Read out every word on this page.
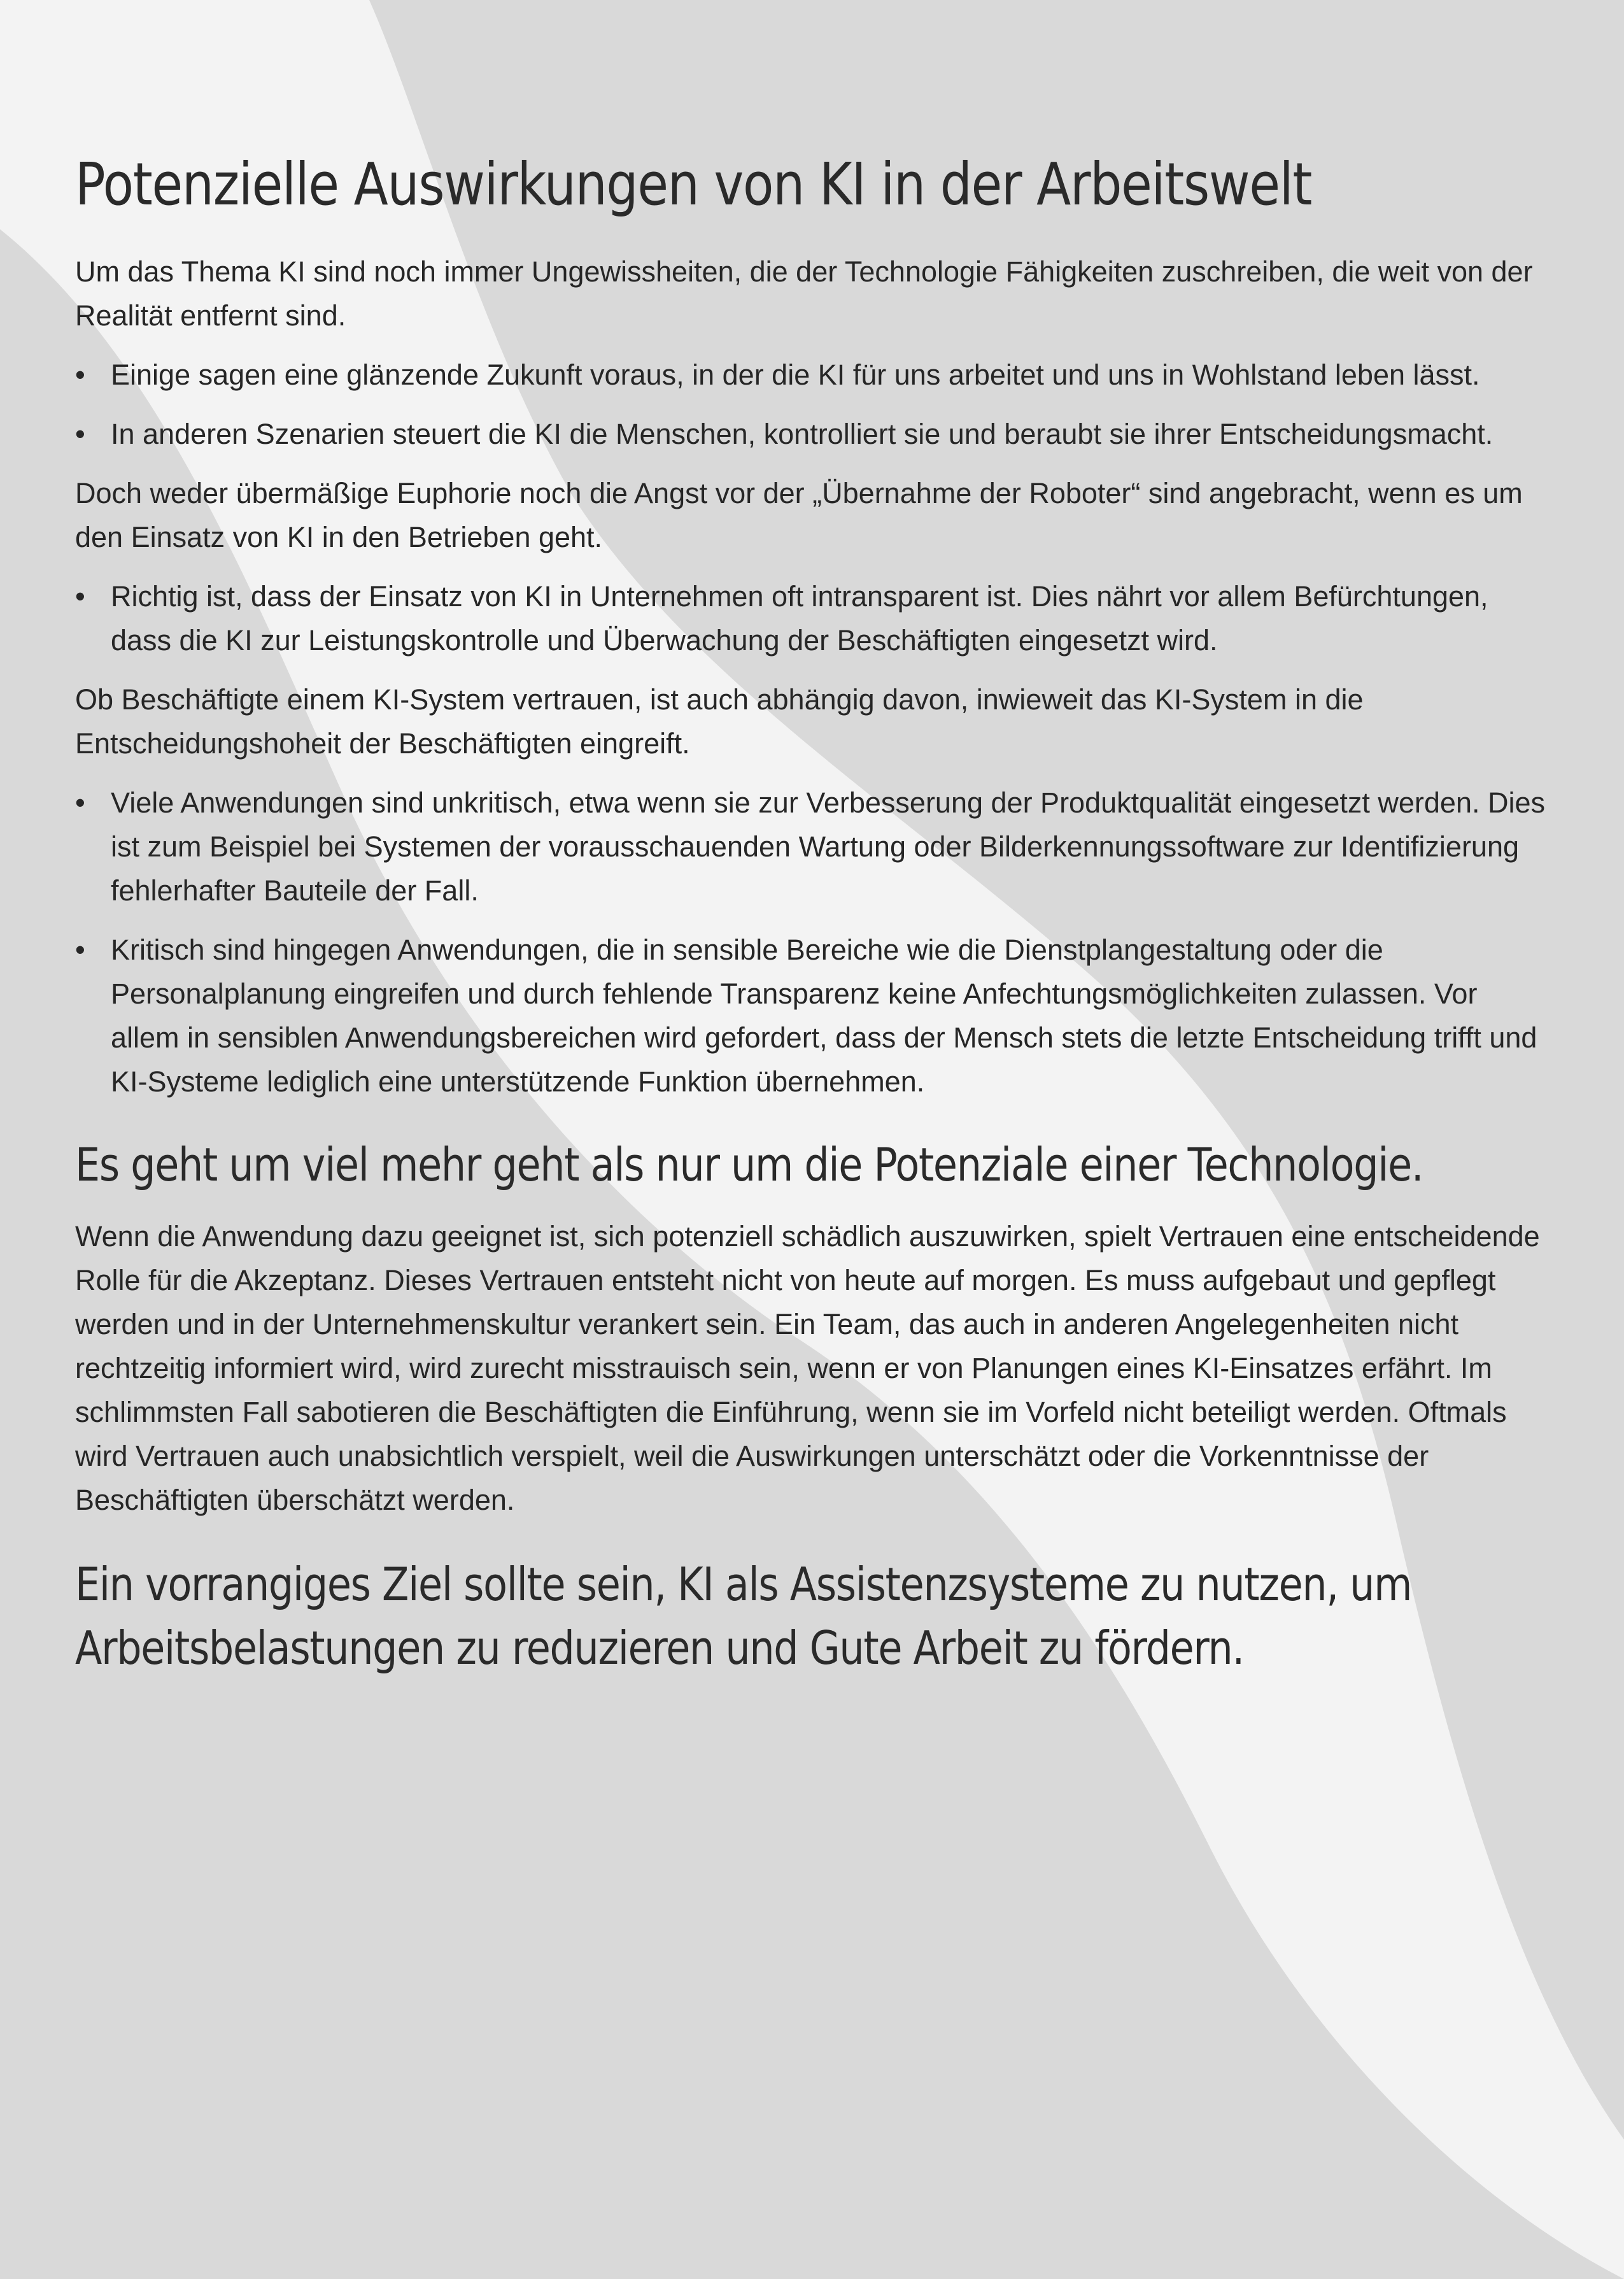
Potenzielle Auswirkungen von KI in der Arbeitswelt

Um das Thema KI sind noch immer Ungewissheiten, die der Technologie Fähigkeiten zuschreiben, die weit von der Realität entfernt sind.

• Einige sagen eine glänzende Zukunft voraus, in der die KI für uns arbeitet und uns in Wohlstand leben lässt.
• In anderen Szenarien steuert die KI die Menschen, kontrolliert sie und beraubt sie ihrer Entscheidungsmacht.

Doch weder übermäßige Euphorie noch die Angst vor der „Übernahme der Roboter“ sind angebracht, wenn es um den Einsatz von KI in den Betrieben geht.

• Richtig ist, dass der Einsatz von KI in Unternehmen oft intransparent ist. Dies nährt vor allem Befürchtungen, dass die KI zur Leistungskontrolle und Überwachung der Beschäftigten eingesetzt wird.

Ob Beschäftigte einem KI-System vertrauen, ist auch abhängig davon, inwieweit das KI-System in die Entscheidungshoheit der Beschäftigten eingreift.

• Viele Anwendungen sind unkritisch, etwa wenn sie zur Verbesserung der Produktqualität eingesetzt werden. Dies ist zum Beispiel bei Systemen der vorausschauenden Wartung oder Bilderkennungssoftware zur Identifizierung fehlerhafter Bauteile der Fall.
• Kritisch sind hingegen Anwendungen, die in sensible Bereiche wie die Dienstplangestaltung oder die Personalplanung eingreifen und durch fehlende Transparenz keine Anfechtungsmöglichkeiten zulassen. Vor allem in sensiblen Anwendungsbereichen wird gefordert, dass der Mensch stets die letzte Entscheidung trifft und KI-Systeme lediglich eine unterstützende Funktion übernehmen.
Es geht um viel mehr geht als nur um die Potenziale einer Technologie.

Wenn die Anwendung dazu geeignet ist, sich potenziell schädlich auszuwirken, spielt Vertrauen eine entscheidende Rolle für die Akzeptanz. Dieses Vertrauen entsteht nicht von heute auf morgen. Es muss aufgebaut und gepflegt werden und in der Unternehmenskultur verankert sein. Ein Team, das auch in anderen Angelegenheiten nicht rechtzeitig informiert wird, wird zurecht misstrauisch sein, wenn er von Planungen eines KI-Einsatzes erfährt. Im schlimmsten Fall sabotieren die Beschäftigten die Einführung, wenn sie im Vorfeld nicht beteiligt werden. Oftmals wird Vertrauen auch unabsichtlich verspielt, weil die Auswirkungen unterschätzt oder die Vorkenntnisse der Beschäftigten überschätzt werden.

Ein vorrangiges Ziel sollte sein, KI als Assistenzsysteme zu nutzen, um Arbeitsbelastungen zu reduzieren und Gute Arbeit zu fördern.
